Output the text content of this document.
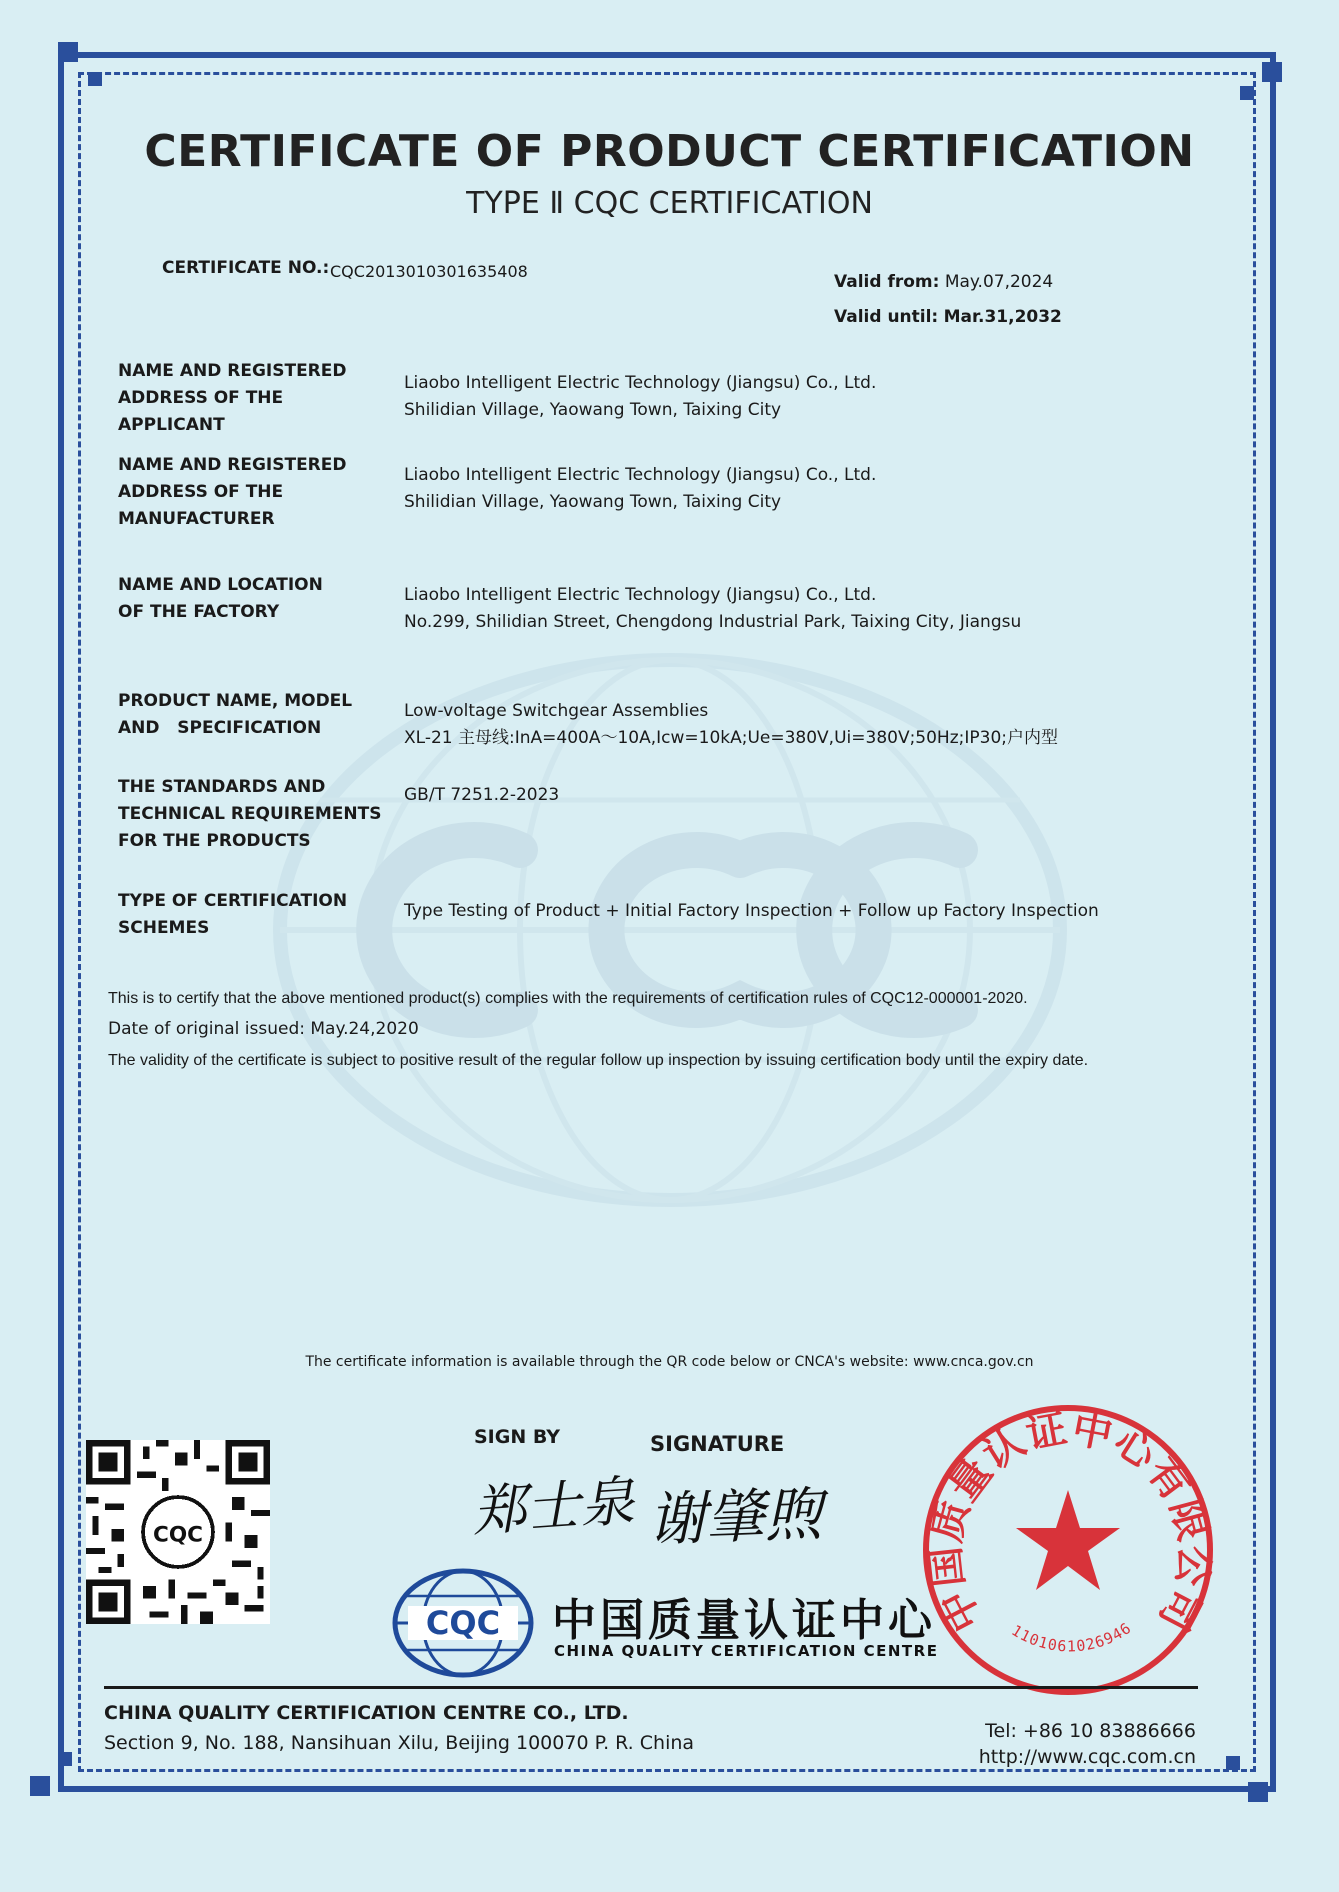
CERTIFICATE OF PRODUCT CERTIFICATION
TYPE Ⅱ CQC CERTIFICATION
CERTIFICATE NO.: CQC2013010301635408
Valid from: May.07,2024
Valid until: Mar.31,2032
NAME AND REGISTERED
ADDRESS OF THE APPLICANT
Liaobo Intelligent Electric Technology (Jiangsu) Co., Ltd.
Shilidian Village, Yaowang Town, Taixing City
NAME AND REGISTERED
ADDRESS OF THE
MANUFACTURER
Liaobo Intelligent Electric Technology (Jiangsu) Co., Ltd.
Shilidian Village, Yaowang Town, Taixing City
NAME AND LOCATION
OF THE FACTORY
Liaobo Intelligent Electric Technology (Jiangsu) Co., Ltd.
No.299, Shilidian Street, Chengdong Industrial Park, Taixing City, Jiangsu
PRODUCT NAME, MODEL
AND   SPECIFICATION
Low-voltage Switchgear Assemblies
XL-21 主母线:InA=400A～10A,Icw=10kA;Ue=380V,Ui=380V;50Hz;IP30;户内型
THE STANDARDS AND
TECHNICAL REQUIREMENTS
FOR THE PRODUCTS
GB/T 7251.2-2023
TYPE OF CERTIFICATION
SCHEMES
Type Testing of Product + Initial Factory Inspection + Follow up Factory Inspection
This is to certify that the above mentioned product(s) complies with the requirements of certification rules of CQC12-000001-2020.
Date of original issued: May.24,2020
The validity of the certificate is subject to positive result of the regular follow up inspection by issuing certification body until the expiry date.
The certificate information is available through the QR code below or CNCA's website: www.cnca.gov.cn
CQC
SIGN BY	SIGNATURE
郑士泉 谢肇煦
CQC 中国质量认证中心
CHINA QUALITY CERTIFICATION CENTRE
中国质量认证中心有限公司
1101061026946
CHINA QUALITY CERTIFICATION CENTRE CO., LTD.
Section 9, No. 188, Nansihuan Xilu, Beijing 100070 P. R. China
Tel: +86 10 83886666
http://www.cqc.com.cn
